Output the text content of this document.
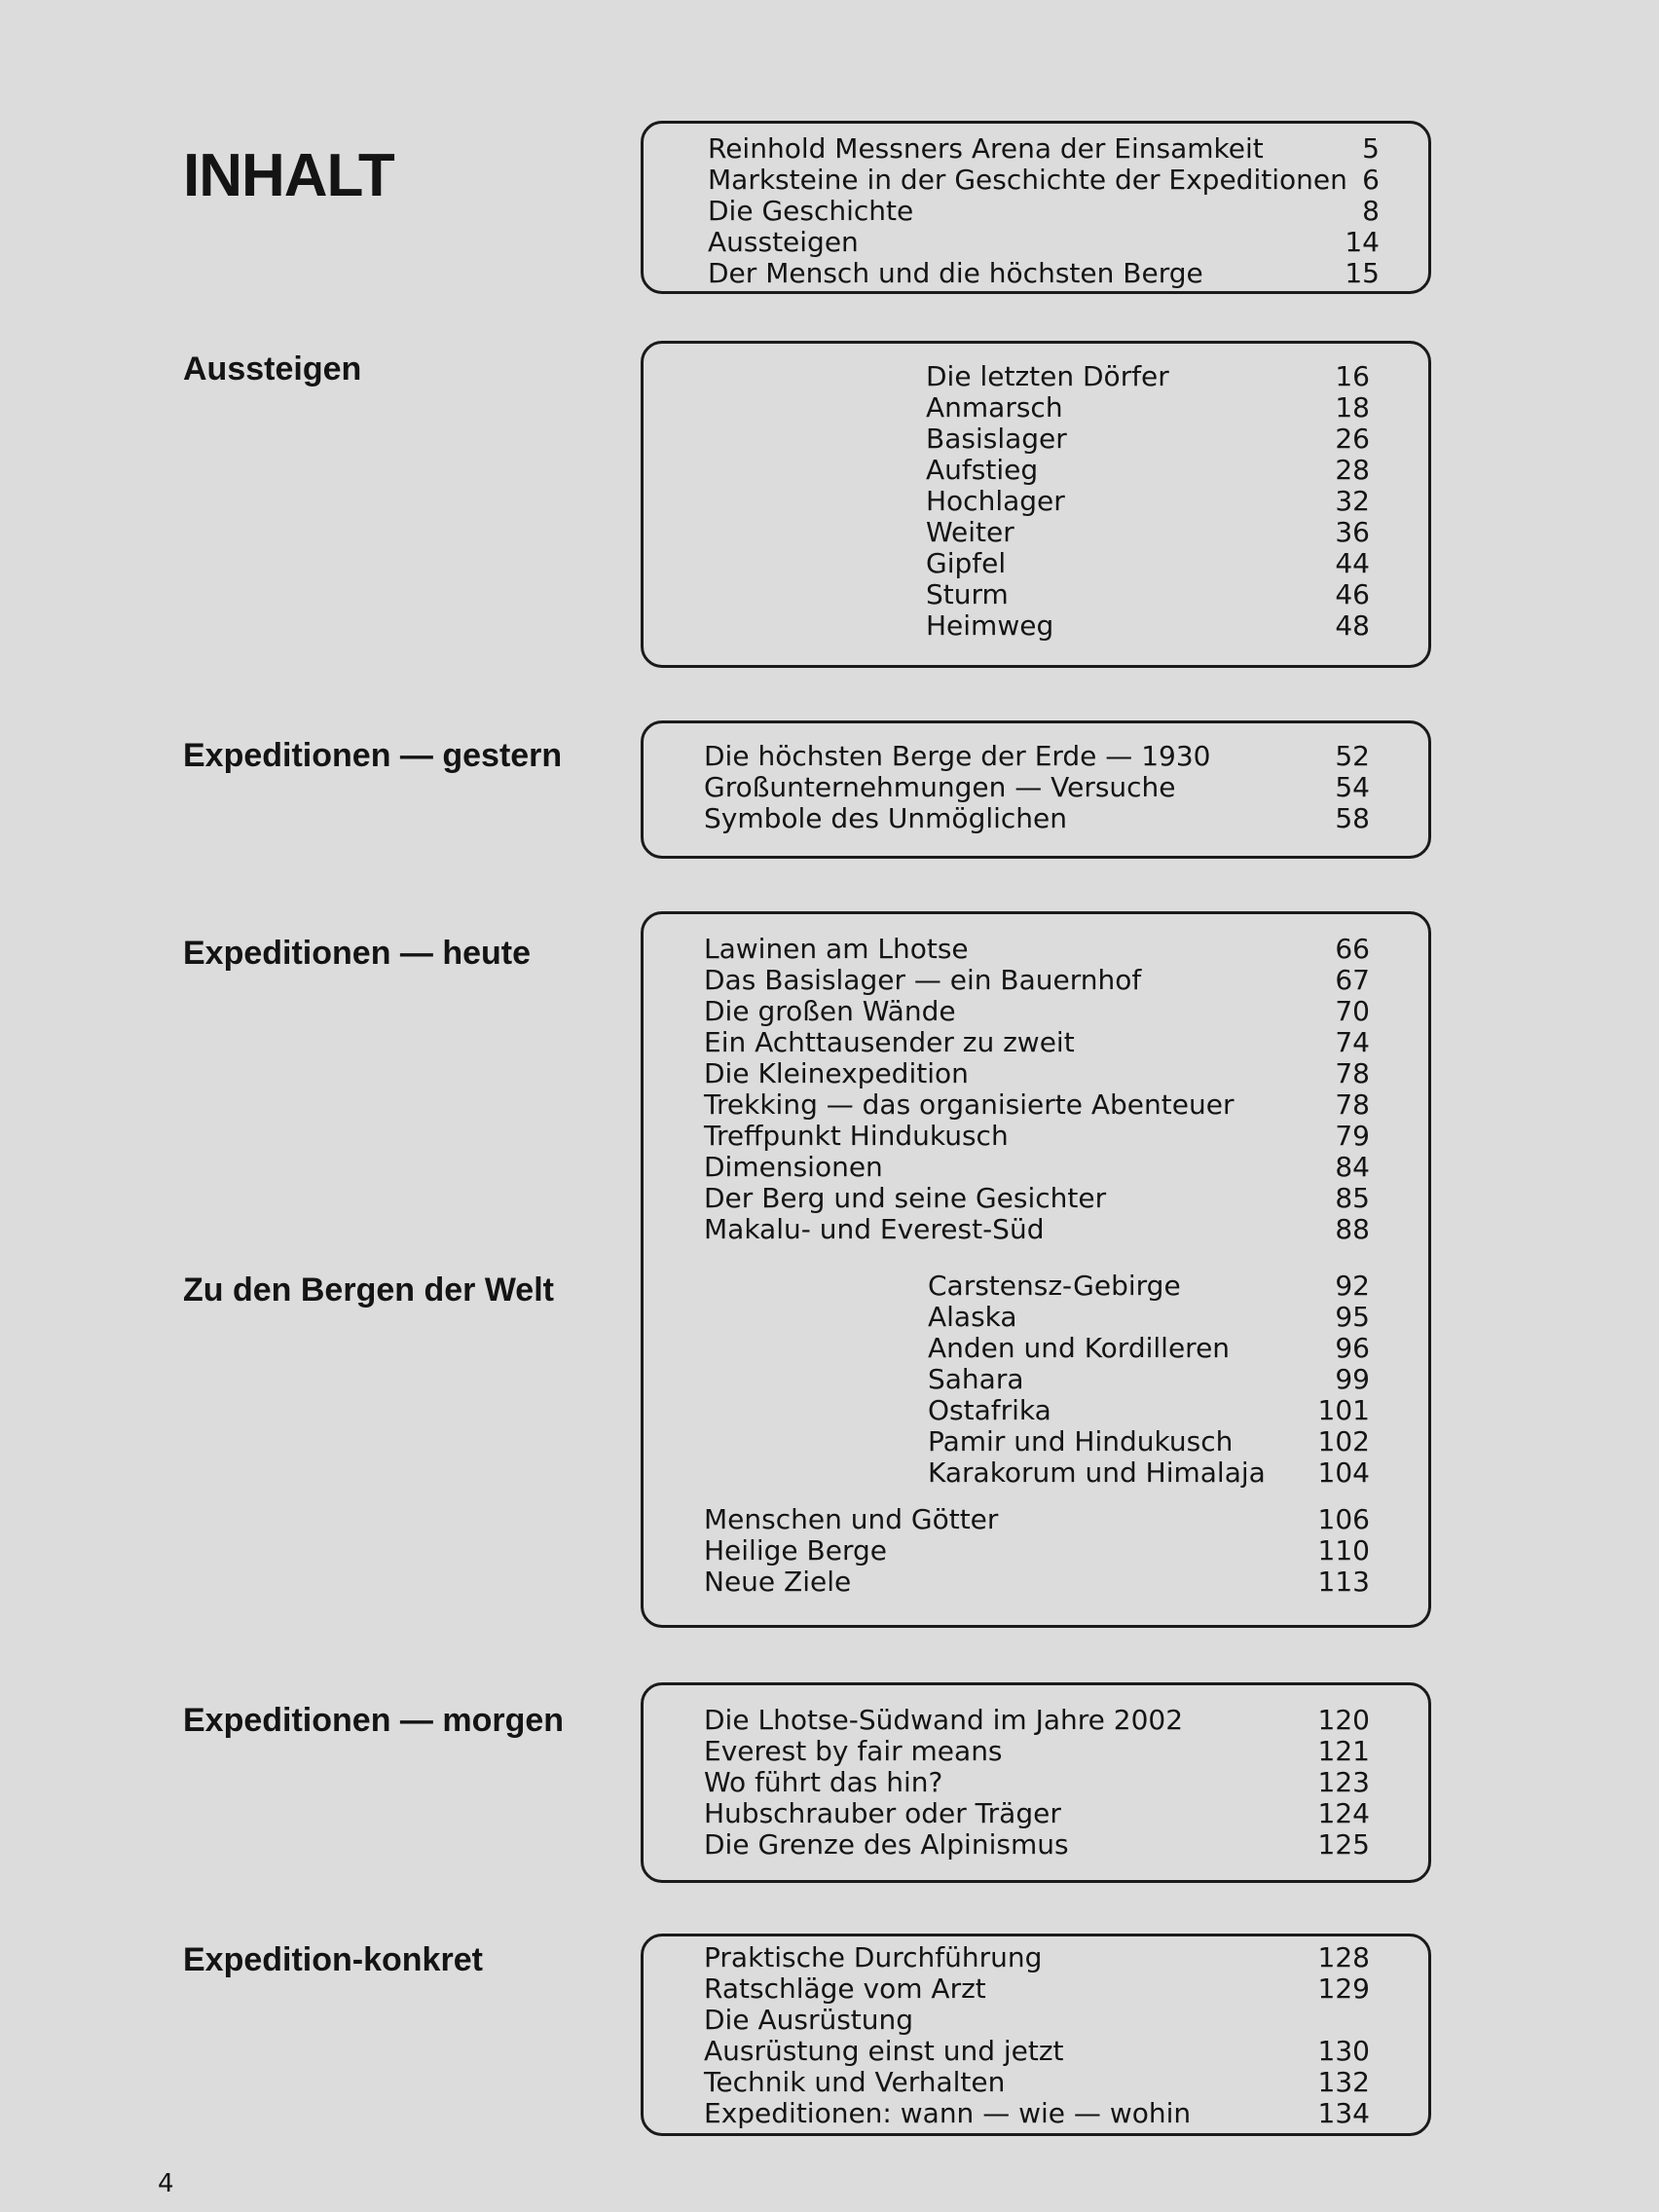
INHALT	Reinhold Messners Arena der Einsamkeit	5
Marksteine in der Geschichte der Expeditionen 6
Die Geschichte	8
Aussteigen	14
Der Mensch und die höchsten Berge	15
Aussteigen	Die letzten Dörfer	16
Anmarsch	18
Basislager	26
Aufstieg	28
Hochlager	32
Weiter	36
Gipfel	44
Sturm	46
Heimweg	48
Expeditionen — gestern	Die höchsten Berge der Erde — 1930	52
Großunternehmungen — Versuche	54
Symbole des Unmöglichen	58
Expeditionen — heute
Zu den Bergen der Welt
Lawinen am Lhotse	66
Das Basislager — ein Bauernhof	67
Die großen Wände	70
Ein Achttausender zu zweit	74
Die Kleinexpedition	78
Trekking — das organisierte Abenteuer	78
Treffpunkt Hindukusch	79
Dimensionen	84
Der Berg und seine Gesichter	85
Makalu- und Everest-Süd	88
Carstensz-Gebirge	92
Alaska	95
Anden und Kordilleren	96
Sahara	99
Ostafrika	101
Pamir und Hindukusch	102
Karakorum und Himalaja 104
Menschen und Götter	106
Heilige Berge	110
Neue Ziele	113
Expeditionen — morgen	Die Lhotse-Südwand im Jahre 2002	120
Everest by fair means	121
Wo führt das hin?	123
Hubschrauber oder Träger	124
Die Grenze des Alpinismus	125
Expedition-konkret	Praktische Durchführung	128
Ratschläge vom Arzt	129
Die Ausrüstung
Ausrüstung einst und jetzt	130
Technik und Verhalten	132
Expeditionen: wann — wie — wohin	134
4
